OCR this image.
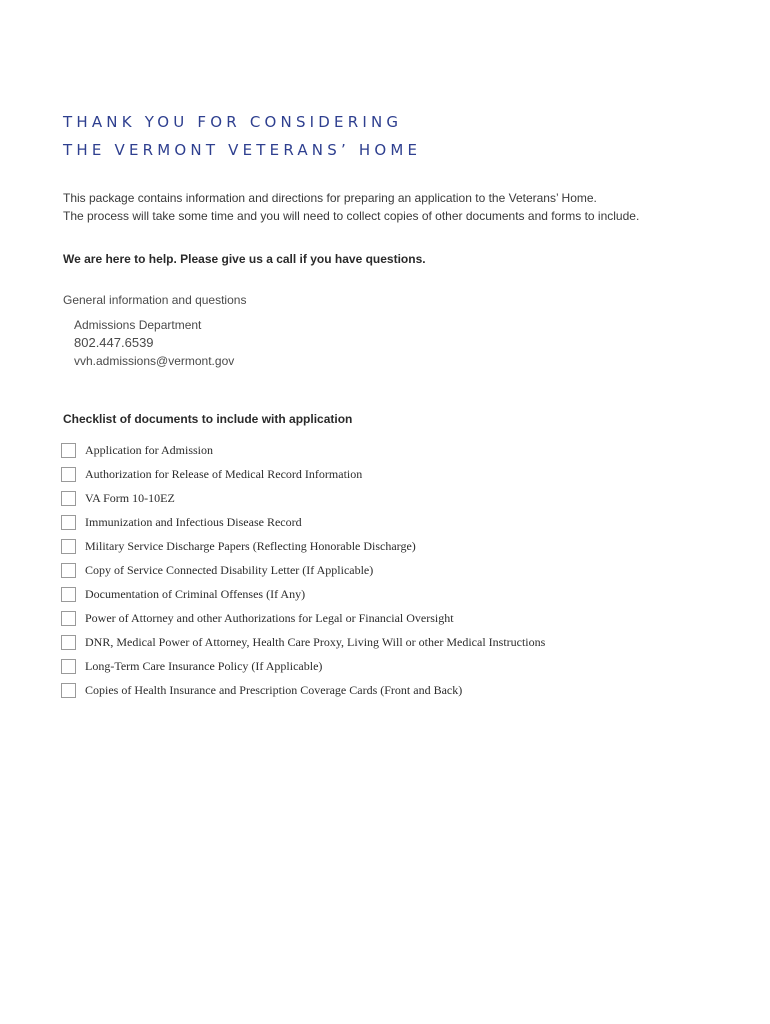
THANK YOU FOR CONSIDERING
THE VERMONT VETERANS’ HOME
This package contains information and directions for preparing an application to the Veterans’ Home.
The process will take some time and you will need to collect copies of other documents and forms to include.
We are here to help. Please give us a call if you have questions.
General information and questions
Admissions Department
802.447.6539
vvh.admissions@vermont.gov
Checklist of documents to include with application
Application for Admission
Authorization for Release of Medical Record Information
VA Form 10-10EZ
Immunization and Infectious Disease Record
Military Service Discharge Papers (Reflecting Honorable Discharge)
Copy of Service Connected Disability Letter (If Applicable)
Documentation of Criminal Offenses (If Any)
Power of Attorney and other Authorizations for Legal or Financial Oversight
DNR, Medical Power of Attorney, Health Care Proxy, Living Will or other Medical Instructions
Long-Term Care Insurance Policy (If Applicable)
Copies of Health Insurance and Prescription Coverage Cards (Front and Back)
